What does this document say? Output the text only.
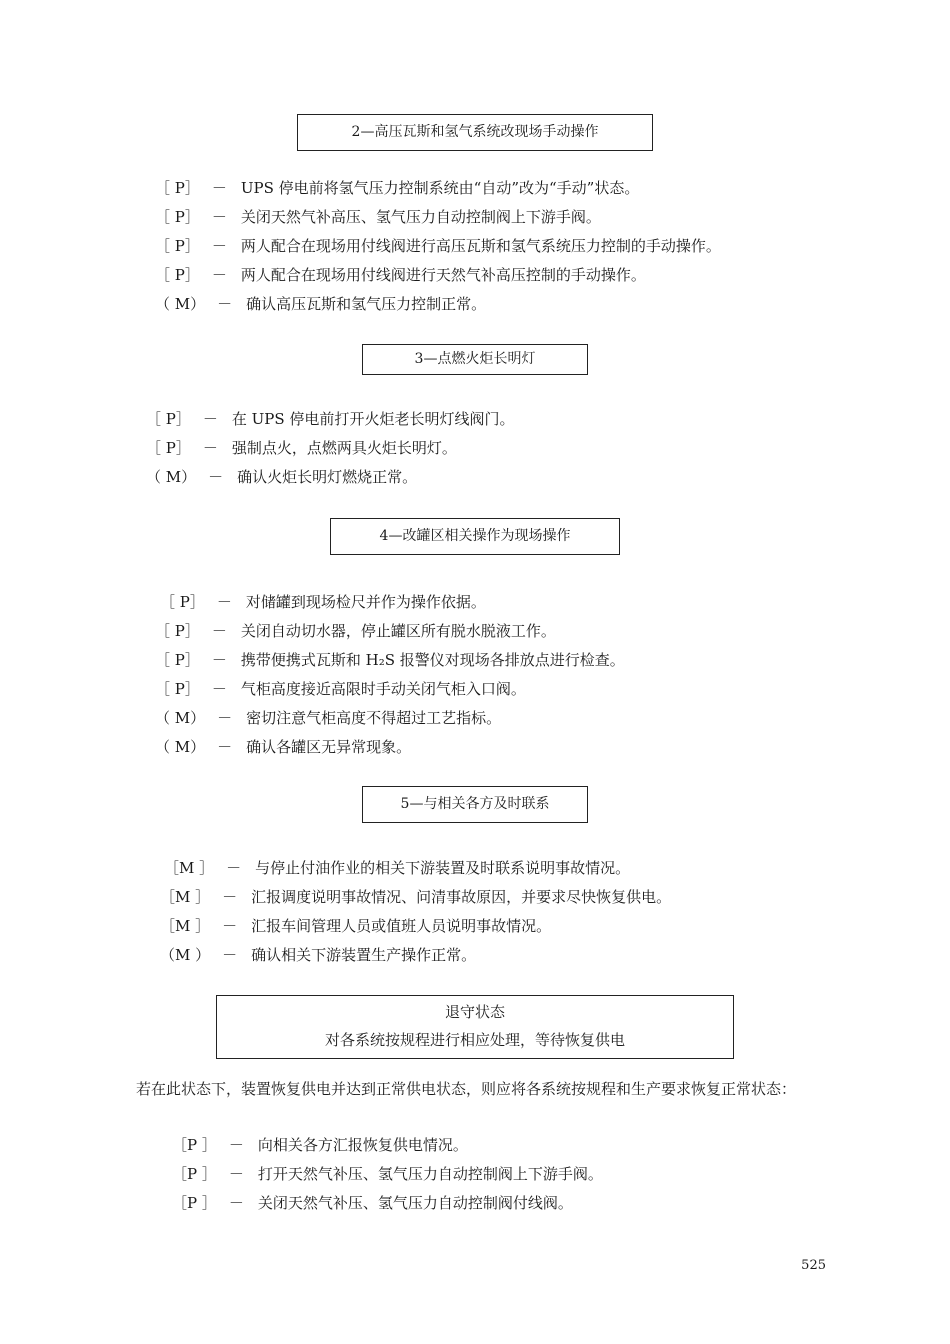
2—高压瓦斯和氢气系统改现场手动操作
［ P］ － UPS 停电前将氢气压力控制系统由“自动”改为“手动”状态。
［ P］ － 关闭天然气补高压、氢气压力自动控制阀上下游手阀。
［ P］ － 两人配合在现场用付线阀进行高压瓦斯和氢气系统压力控制的手动操作。
［ P］ － 两人配合在现场用付线阀进行天然气补高压控制的手动操作。
（ M） － 确认高压瓦斯和氢气压力控制正常。
3—点燃火炬长明灯
［ P］ － 在 UPS 停电前打开火炬老长明灯线阀门。
［ P］ － 强制点火，点燃两具火炬长明灯。
（ M） － 确认火炬长明灯燃烧正常。
4—改罐区相关操作为现场操作
［ P］ － 对储罐到现场检尺并作为操作依据。
［ P］ － 关闭自动切水器，停止罐区所有脱水脱液工作。
［ P］ － 携带便携式瓦斯和 H₂S 报警仪对现场各排放点进行检查。
［ P］ － 气柜高度接近高限时手动关闭气柜入口阀。
（ M） － 密切注意气柜高度不得超过工艺指标。
（ M） － 确认各罐区无异常现象。
5—与相关各方及时联系
［M ］ － 与停止付油作业的相关下游装置及时联系说明事故情况。
［M ］ － 汇报调度说明事故情况、问清事故原因，并要求尽快恢复供电。
［M ］ － 汇报车间管理人员或值班人员说明事故情况。
（M ） － 确认相关下游装置生产操作正常。
退守状态
对各系统按规程进行相应处理，等待恢复供电
若在此状态下，装置恢复供电并达到正常供电状态，则应将各系统按规程和生产要求恢复正常状态：
［P ］ － 向相关各方汇报恢复供电情况。
［P ］ － 打开天然气补压、氢气压力自动控制阀上下游手阀。
［P ］ － 关闭天然气补压、氢气压力自动控制阀付线阀。
525
